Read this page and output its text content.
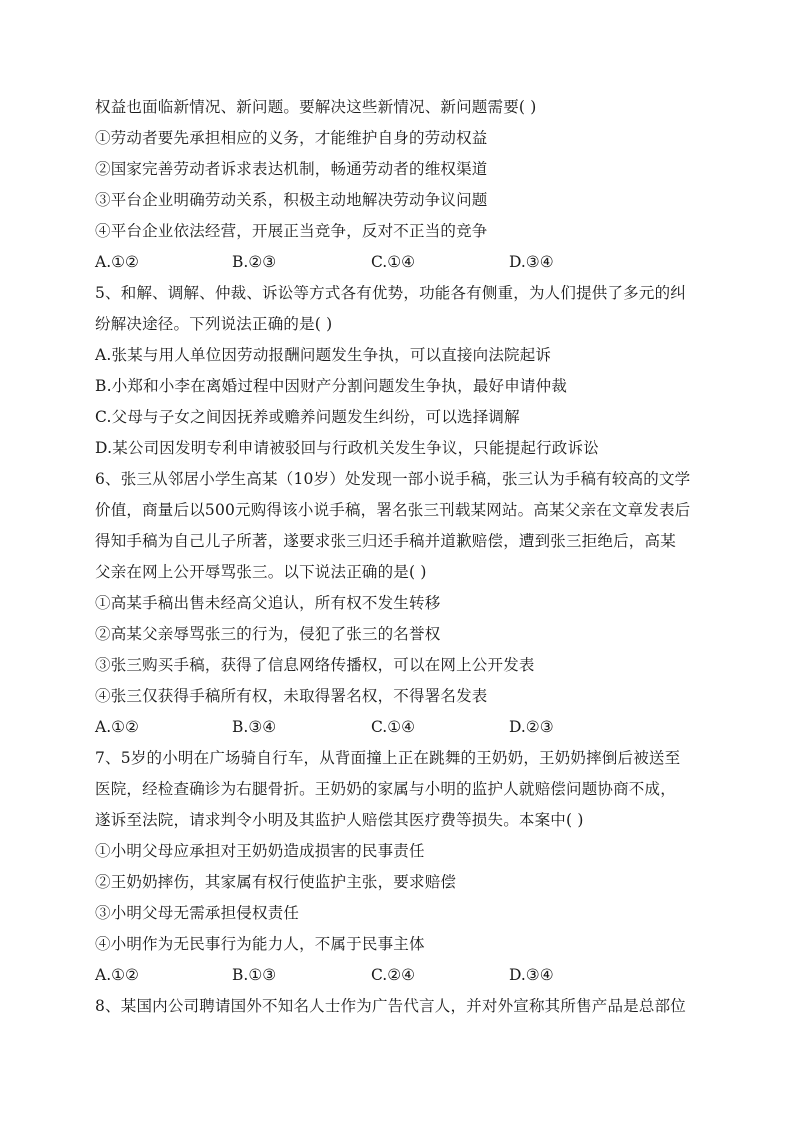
权益也面临新情况、新问题。要解决这些新情况、新问题需要( )
①劳动者要先承担相应的义务，才能维护自身的劳动权益
②国家完善劳动者诉求表达机制，畅通劳动者的维权渠道
③平台企业明确劳动关系，积极主动地解决劳动争议问题
④平台企业依法经营，开展正当竞争，反对不正当的竞争
A.①②	B.②③	C.①④	D.③④
5、和解、调解、仲裁、诉讼等方式各有优势，功能各有侧重，为人们提供了多元的纠
纷解决途径。下列说法正确的是( )
A.张某与用人单位因劳动报酬问题发生争执，可以直接向法院起诉
B.小郑和小李在离婚过程中因财产分割问题发生争执，最好申请仲裁
C.父母与子女之间因抚养或赡养问题发生纠纷，可以选择调解
D.某公司因发明专利申请被驳回与行政机关发生争议，只能提起行政诉讼
6、张三从邻居小学生高某（10岁）处发现一部小说手稿，张三认为手稿有较高的文学
价值，商量后以500元购得该小说手稿，署名张三刊载某网站。高某父亲在文章发表后
得知手稿为自己儿子所著，遂要求张三归还手稿并道歉赔偿，遭到张三拒绝后，高某
父亲在网上公开辱骂张三。以下说法正确的是( )
①高某手稿出售未经高父追认，所有权不发生转移
②高某父亲辱骂张三的行为，侵犯了张三的名誉权
③张三购买手稿，获得了信息网络传播权，可以在网上公开发表
④张三仅获得手稿所有权，未取得署名权，不得署名发表
A.①②	B.③④	C.①④	D.②③
7、5岁的小明在广场骑自行车，从背面撞上正在跳舞的王奶奶，王奶奶摔倒后被送至
医院，经检查确诊为右腿骨折。王奶奶的家属与小明的监护人就赔偿问题协商不成，
遂诉至法院，请求判令小明及其监护人赔偿其医疗费等损失。本案中( )
①小明父母应承担对王奶奶造成损害的民事责任
②王奶奶摔伤，其家属有权行使监护主张，要求赔偿
③小明父母无需承担侵权责任
④小明作为无民事行为能力人，不属于民事主体
A.①②	B.①③	C.②④	D.③④
8、某国内公司聘请国外不知名人士作为广告代言人，并对外宣称其所售产品是总部位
